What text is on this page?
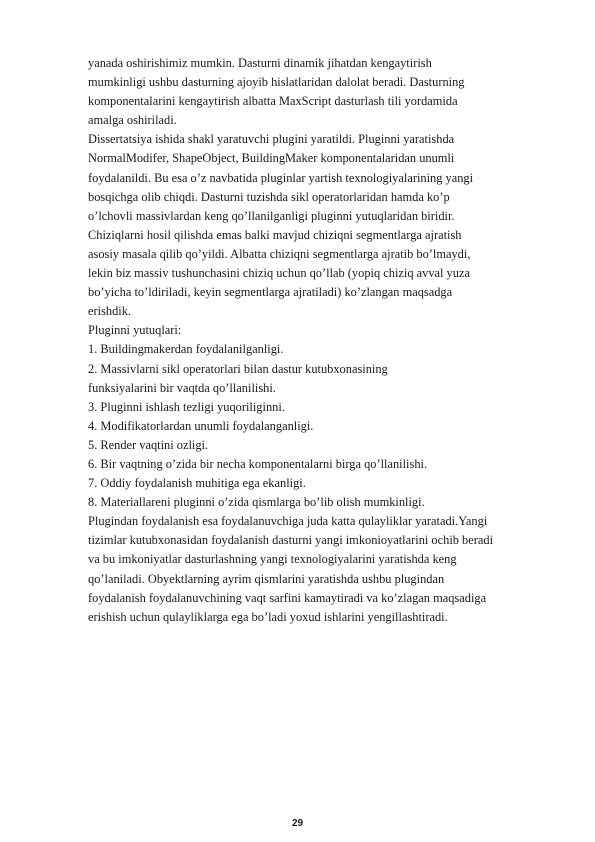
yanada oshirishimiz mumkin. Dasturni dinamik jihatdan kengaytirish
mumkinligi ushbu dasturning ajoyib hislatlaridan dalolat beradi. Dasturning
komponentalarini kengaytirish albatta MaxScript dasturlash tili yordamida
amalga oshiriladi.
Dissertatsiya ishida shakl yaratuvchi plugini yaratildi. Pluginni yaratishda
NormalModifer, ShapeObject, BuildingMaker komponentalaridan unumli
foydalanildi. Bu esa o’z navbatida pluginlar yartish texnologiyalarining yangi
bosqichga olib chiqdi. Dasturni tuzishda sikl operatorlaridan hamda ko’p
o’lchovli massivlardan keng qo’llanilganligi pluginni yutuqlaridan biridir.
Chiziqlarni hosil qilishda emas balki mavjud chiziqni segmentlarga ajratish
asosiy masala qilib qo’yildi. Albatta chiziqni segmentlarga ajratib bo’lmaydi,
lekin biz massiv tushunchasini chiziq uchun qo’llab (yopiq chiziq avval yuza
bo’yicha to’ldiriladi, keyin segmentlarga ajratiladi) ko’zlangan maqsadga
erishdik.
Pluginni yutuqlari:
1. Buildingmakerdan foydalanilganligi.
2. Massivlarni sikl operatorlari bilan dastur kutubxonasining
funksiyalarini bir vaqtda qo’llanilishi.
3. Pluginni ishlash tezligi yuqoriliginni.
4. Modifikatorlardan unumli foydalanganligi.
5. Render vaqtini ozligi.
6. Bir vaqtning o’zida bir necha komponentalarni birga qo’llanilishi.
7. Oddiy foydalanish muhitiga ega ekanligi.
8. Materiallareni pluginni o’zida qismlarga bo’lib olish mumkinligi.
Plugindan foydalanish esa foydalanuvchiga juda katta qulayliklar yaratadi.Yangi
tizimlar kutubxonasidan foydalanish dasturni yangi imkonioyatlarini ochib beradi
va bu imkoniyatlar dasturlashning yangi texnologiyalarini yaratishda keng
qo’laniladi. Obyektlarning ayrim qismlarini yaratishda ushbu plugindan
foydalanish foydalanuvchining vaqt sarfini kamaytiradi va ko’zlagan maqsadiga
erishish uchun qulayliklarga ega bo’ladi yoxud ishlarini yengillashtiradi.
29
